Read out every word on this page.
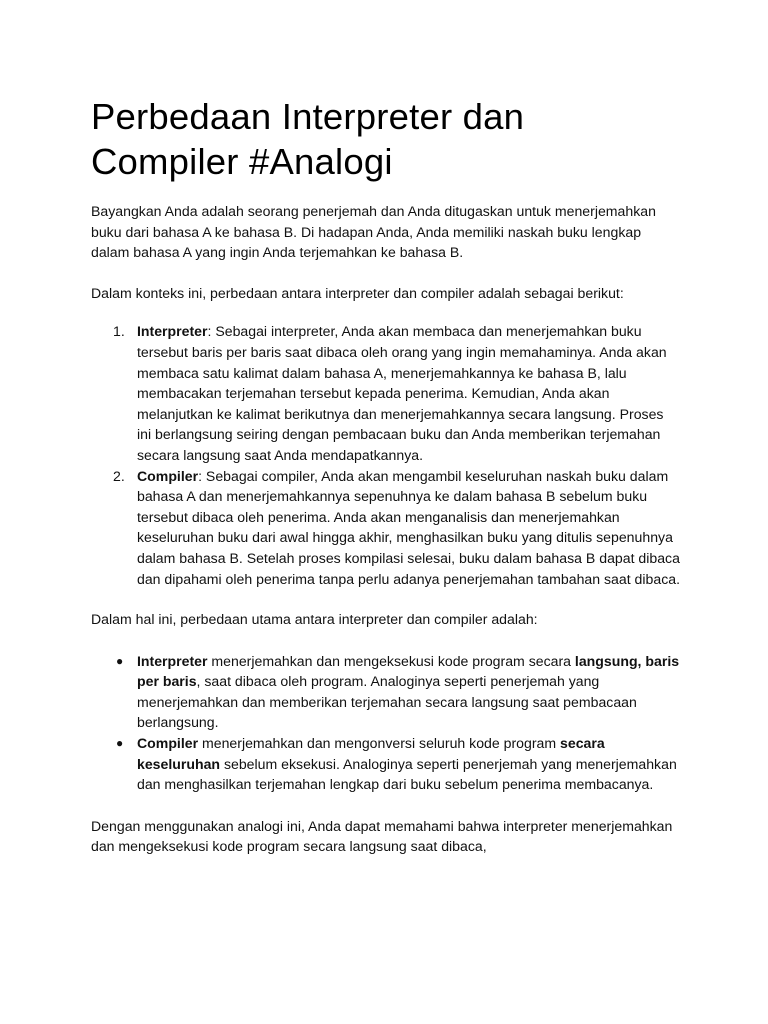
Perbedaan Interpreter dan Compiler #Analogi

Bayangkan Anda adalah seorang penerjemah dan Anda ditugaskan untuk menerjemahkan buku dari bahasa A ke bahasa B. Di hadapan Anda, Anda memiliki naskah buku lengkap dalam bahasa A yang ingin Anda terjemahkan ke bahasa B.

Dalam konteks ini, perbedaan antara interpreter dan compiler adalah sebagai berikut:

1. Interpreter: Sebagai interpreter, Anda akan membaca dan menerjemahkan buku tersebut baris per baris saat dibaca oleh orang yang ingin memahaminya. Anda akan membaca satu kalimat dalam bahasa A, menerjemahkannya ke bahasa B, lalu membacakan terjemahan tersebut kepada penerima. Kemudian, Anda akan melanjutkan ke kalimat berikutnya dan menerjemahkannya secara langsung. Proses ini berlangsung seiring dengan pembacaan buku dan Anda memberikan terjemahan secara langsung saat Anda mendapatkannya.
2. Compiler: Sebagai compiler, Anda akan mengambil keseluruhan naskah buku dalam bahasa A dan menerjemahkannya sepenuhnya ke dalam bahasa B sebelum buku tersebut dibaca oleh penerima. Anda akan menganalisis dan menerjemahkan keseluruhan buku dari awal hingga akhir, menghasilkan buku yang ditulis sepenuhnya dalam bahasa B. Setelah proses kompilasi selesai, buku dalam bahasa B dapat dibaca dan dipahami oleh penerima tanpa perlu adanya penerjemahan tambahan saat dibaca.

Dalam hal ini, perbedaan utama antara interpreter dan compiler adalah:

● Interpreter menerjemahkan dan mengeksekusi kode program secara langsung, baris per baris, saat dibaca oleh program. Analoginya seperti penerjemah yang menerjemahkan dan memberikan terjemahan secara langsung saat pembacaan berlangsung.
● Compiler menerjemahkan dan mengonversi seluruh kode program secara keseluruhan sebelum eksekusi. Analoginya seperti penerjemah yang menerjemahkan dan menghasilkan terjemahan lengkap dari buku sebelum penerima membacanya.

Dengan menggunakan analogi ini, Anda dapat memahami bahwa interpreter menerjemahkan dan mengeksekusi kode program secara langsung saat dibaca,
